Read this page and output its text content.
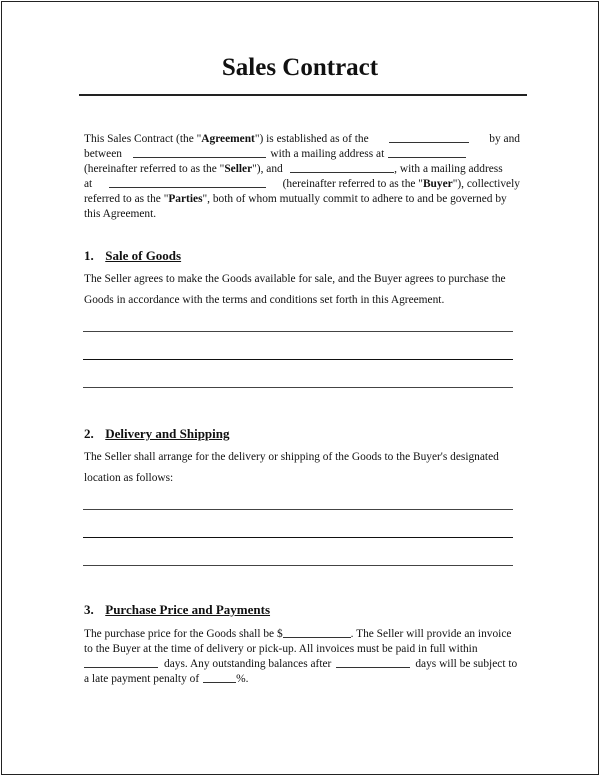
Sales Contract
This Sales Contract (the "Agreement") is established as of the	by and
between	with a mailing address at
(hereinafter referred to as the "Seller"), and	, with a mailing address
at	(hereinafter referred to as the "Buyer"), collectively
referred to as the "Parties", both of whom mutually commit to adhere to and be governed by
this Agreement.
1. Sale of Goods
The Seller agrees to make the Goods available for sale, and the Buyer agrees to purchase the
Goods in accordance with the terms and conditions set forth in this Agreement.
2. Delivery and Shipping
The Seller shall arrange for the delivery or shipping of the Goods to the Buyer's designated
location as follows:
3. Purchase Price and Payments
The purchase price for the Goods shall be $	. The Seller will provide an invoice
to the Buyer at the time of delivery or pick-up. All invoices must be paid in full within
days. Any outstanding balances after	days will be subject to
a late payment penalty of	%.
